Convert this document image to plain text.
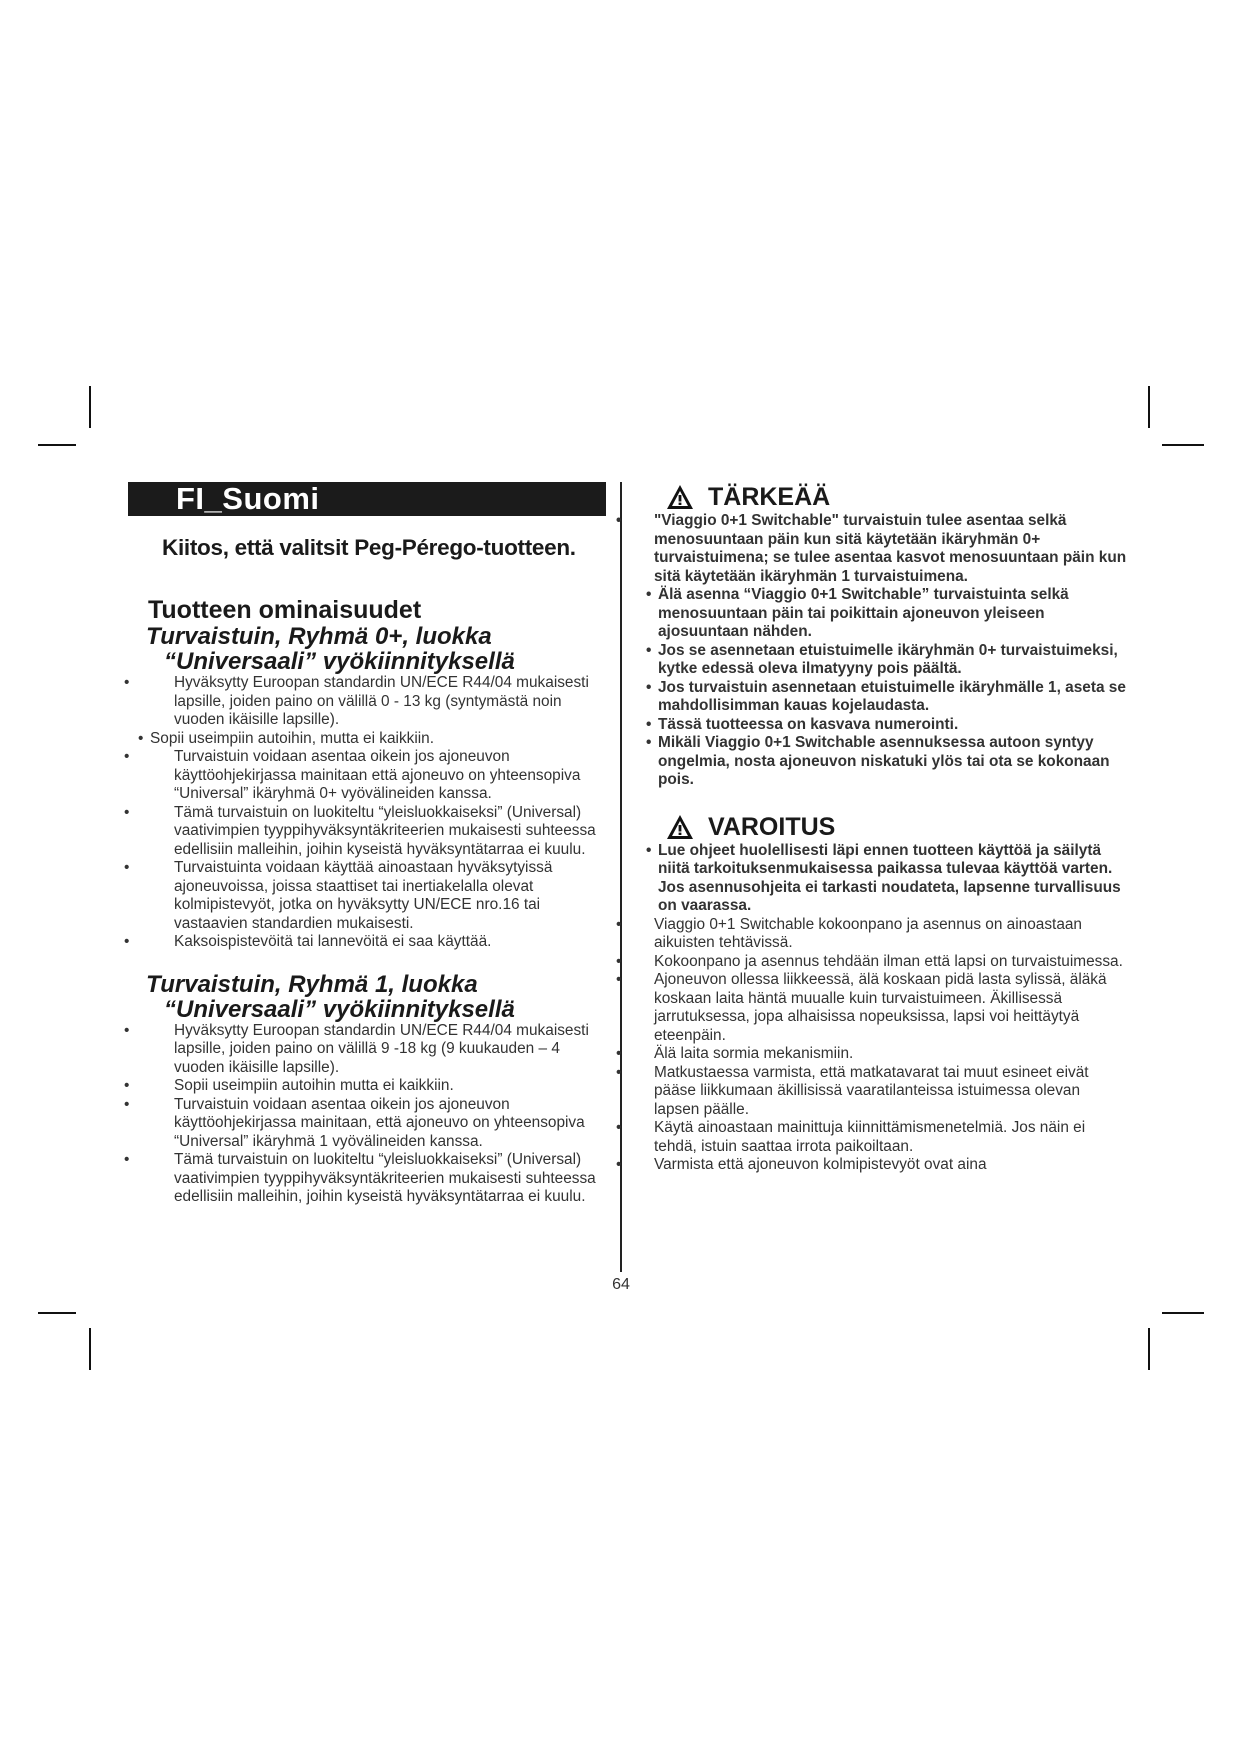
FI_Suomi
Kiitos, että valitsit Peg-Pérego-tuotteen.
Tuotteen ominaisuudet
Turvaistuin, Ryhmä 0+, luokka
“Universaali” vyökiinnityksellä
• Hyväksytty Euroopan standardin UN/ECE R44/04 mukaisesti lapsille, joiden paino on välillä 0 - 13 kg (syntymästä noin vuoden ikäisille lapsille).
• Sopii useimpiin autoihin, mutta ei kaikkiin.
• Turvaistuin voidaan asentaa oikein jos ajoneuvon käyttöohjekirjassa mainitaan että ajoneuvo on yhteensopiva “Universal” ikäryhmä 0+ vyövälineiden kanssa.
• Tämä turvaistuin on luokiteltu “yleisluokkaiseksi” (Universal) vaativimpien tyyppihyväksyntäkriteerien mukaisesti suhteessa edellisiin malleihin, joihin kyseistä hyväksyntätarraa ei kuulu.
• Turvaistuinta voidaan käyttää ainoastaan hyväksytyissä ajoneuvoissa, joissa staattiset tai inertiakelalla olevat kolmipistevyöt, jotka on hyväksytty UN/ECE nro.16 tai vastaavien standardien mukaisesti.
• Kaksoispistevöitä tai lannevöitä ei saa käyttää.
Turvaistuin, Ryhmä 1, luokka
“Universaali” vyökiinnityksellä
• Hyväksytty Euroopan standardin UN/ECE R44/04 mukaisesti lapsille, joiden paino on välillä 9 -18 kg (9 kuukauden – 4 vuoden ikäisille lapsille).
• Sopii useimpiin autoihin mutta ei kaikkiin.
• Turvaistuin voidaan asentaa oikein jos ajoneuvon käyttöohjekirjassa mainitaan, että ajoneuvo on yhteensopiva “Universal” ikäryhmä 1 vyövälineiden kanssa.
• Tämä turvaistuin on luokiteltu “yleisluokkaiseksi” (Universal) vaativimpien tyyppihyväksyntäkriteerien mukaisesti suhteessa edellisiin malleihin, joihin kyseistä hyväksyntätarraa ei kuulu.
TÄRKEÄÄ
• "Viaggio 0+1 Switchable" turvaistuin tulee asentaa selkä menosuuntaan päin kun sitä käytetään ikäryhmän 0+ turvaistuimena; se tulee asentaa kasvot menosuuntaan päin kun sitä käytetään ikäryhmän 1 turvaistuimena.
• Älä asenna “Viaggio 0+1 Switchable” turvaistuinta selkä menosuuntaan päin tai poikittain ajoneuvon yleiseen ajosuuntaan nähden.
• Jos se asennetaan etuistuimelle ikäryhmän 0+ turvaistuimeksi, kytke edessä oleva ilmatyyny pois päältä.
• Jos turvaistuin asennetaan etuistuimelle ikäryhmälle 1, aseta se mahdollisimman kauas kojelaudasta.
• Tässä tuotteessa on kasvava numerointi.
• Mikäli Viaggio 0+1 Switchable asennuksessa autoon syntyy ongelmia, nosta ajoneuvon niskatuki ylös tai ota se kokonaan pois.
VAROITUS
• Lue ohjeet huolellisesti läpi ennen tuotteen käyttöä ja säilytä niitä tarkoituksenmukaisessa paikassa tulevaa käyttöä varten. Jos asennusohjeita ei tarkasti noudateta, lapsenne turvallisuus on vaarassa.
• Viaggio 0+1 Switchable kokoonpano ja asennus on ainoastaan aikuisten tehtävissä.
• Kokoonpano ja asennus tehdään ilman että lapsi on turvaistuimessa.
• Ajoneuvon ollessa liikkeessä, älä koskaan pidä lasta sylissä, äläkä koskaan laita häntä muualle kuin turvaistuimeen. Äkillisessä jarrutuksessa, jopa alhaisissa nopeuksissa, lapsi voi heittäytyä eteenpäin.
• Älä laita sormia mekanismiin.
• Matkustaessa varmista, että matkatavarat tai muut esineet eivät pääse liikkumaan äkillisissä vaaratilanteissa istuimessa olevan lapsen päälle.
• Käytä ainoastaan mainittuja kiinnittämismenetelmiä. Jos näin ei tehdä, istuin saattaa irrota paikoiltaan.
• Varmista että ajoneuvon kolmipistevyöt ovat aina
64
